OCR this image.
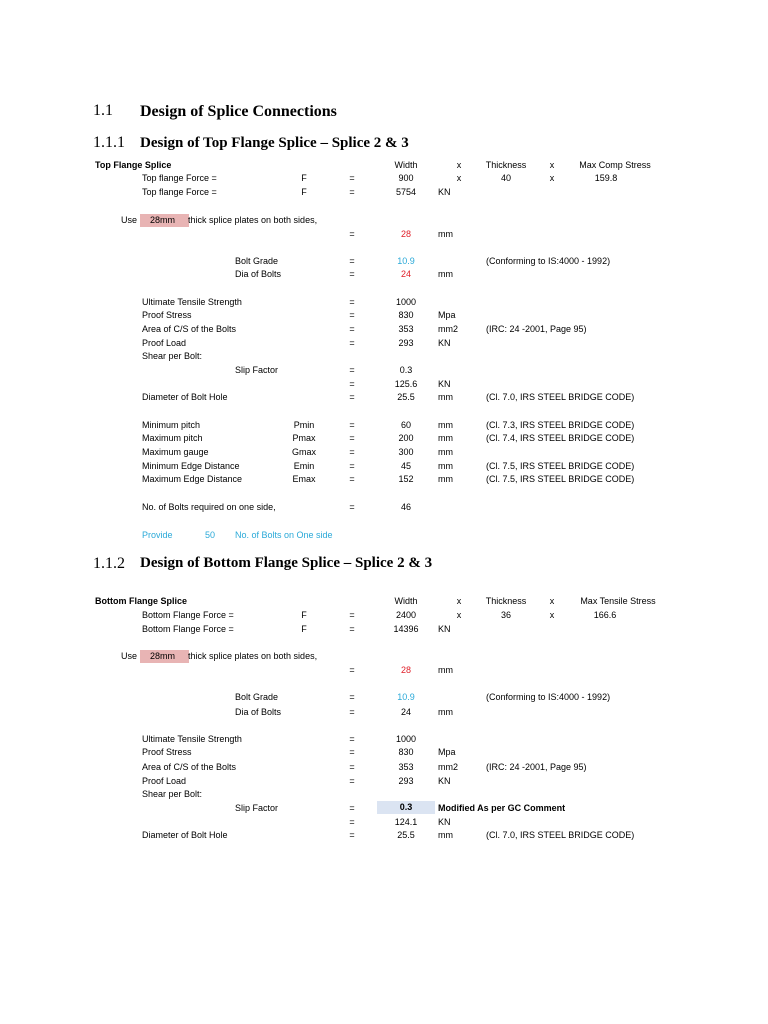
1.1 Design of Splice Connections
1.1.1 Design of Top Flange Splice – Splice 2 & 3
Top Flange Splice	Width	x	Thickness	x	Max Comp Stress
Top flange Force =	F	=	900	x	40	x	159.8
Top flange Force =	F	=	5754 KN
Use	28mm	thick splice plates on both sides,
=	28	mm
Bolt Grade	=	10.9	(Conforming to IS:4000 - 1992)
Dia of Bolts	=	24	mm
Ultimate Tensile Strength	=	1000
Proof Stress	=	830	Mpa
Area of C/S of the Bolts	=	353	mm2	(IRC: 24 -2001, Page 95)
Proof Load	=	293	KN
Shear per Bolt:
Slip Factor	=	0.3
=	125.6 KN
Diameter of Bolt Hole	=	25.5	mm	(Cl. 7.0, IRS STEEL BRIDGE CODE)
Minimum pitch	Pmin	=	60	mm	(Cl. 7.3, IRS STEEL BRIDGE CODE)
Maximum pitch	Pmax	=	200	mm	(Cl. 7.4, IRS STEEL BRIDGE CODE)
Maximum gauge	Gmax	=	300	mm
Minimum Edge Distance	Emin	=	45	mm	(Cl. 7.5, IRS STEEL BRIDGE CODE)
Maximum Edge Distance	Emax	=	152	mm	(Cl. 7.5, IRS STEEL BRIDGE CODE)
No. of Bolts required on one side,	=	46
Provide	50 No. of Bolts on One side
1.1.2 Design of Bottom Flange Splice – Splice 2 & 3
Bottom Flange Splice	Width	x	Thickness	x	Max Tensile Stress
Bottom Flange Force =	F	=	2400	x	36	x	166.6
Bottom Flange Force =	F	=	14396 KN
Use	28mm	thick splice plates on both sides,
=	28	mm
Bolt Grade	=	10.9	(Conforming to IS:4000 - 1992)
Dia of Bolts	=	24	mm
Ultimate Tensile Strength	=	1000
Proof Stress	=	830	Mpa
Area of C/S of the Bolts	=	353	mm2	(IRC: 24 -2001, Page 95)
Proof Load	=	293	KN
Shear per Bolt:
Slip Factor	=	0.3	Modified As per GC Comment
=	124.1 KN
Diameter of Bolt Hole	=	25.5	mm	(Cl. 7.0, IRS STEEL BRIDGE CODE)
